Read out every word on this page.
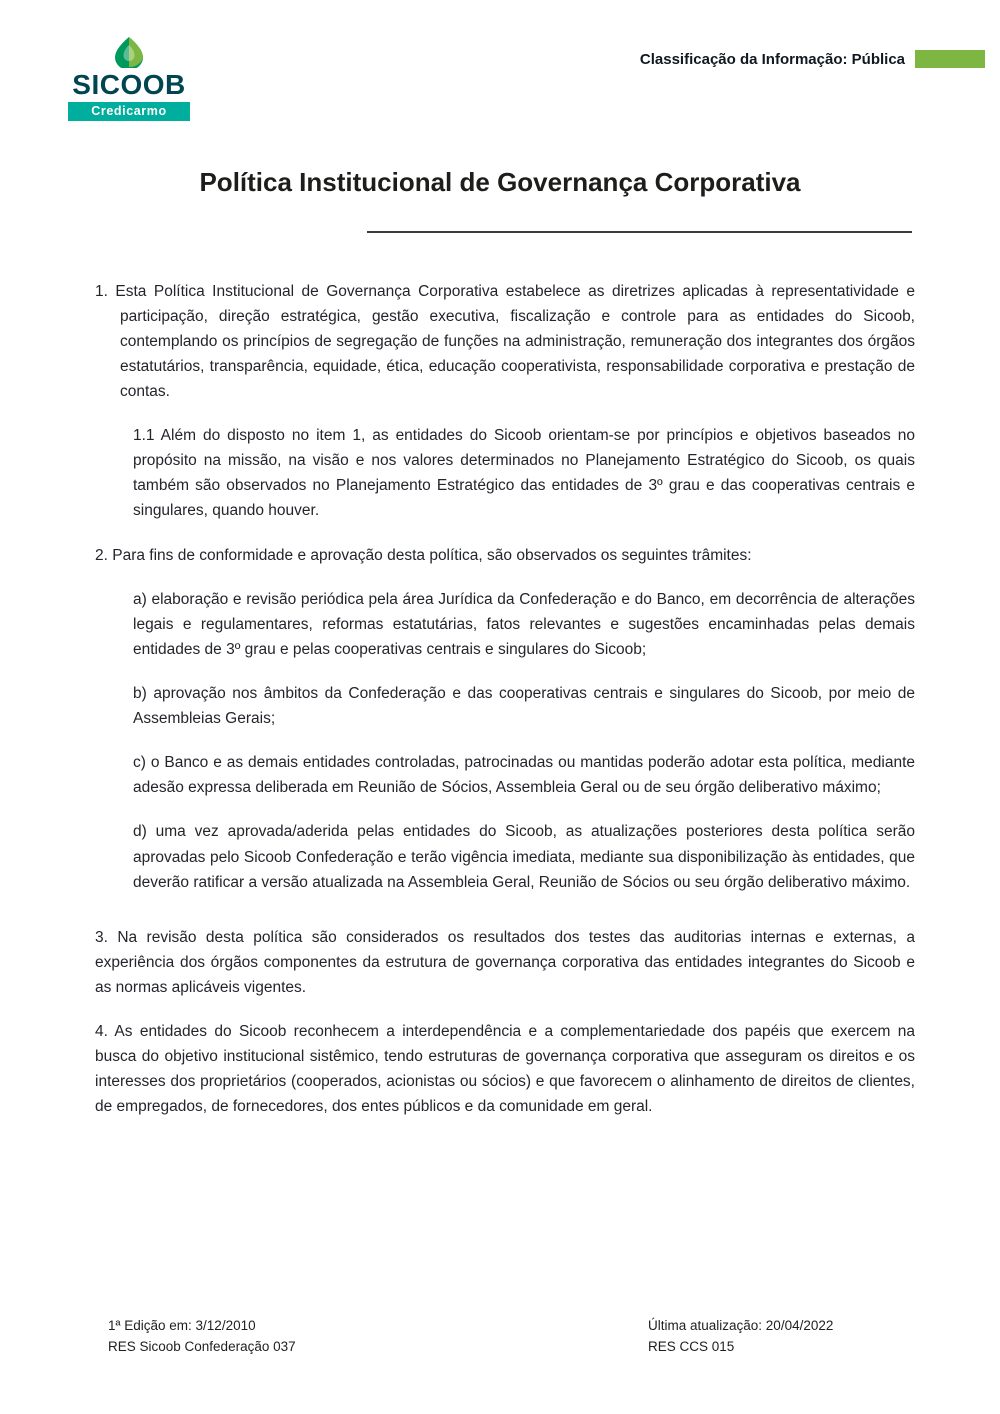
SICOOB
Credicarmo
Classificação da Informação: Pública
Política Institucional de Governança Corporativa

1. Esta Política Institucional de Governança Corporativa estabelece as diretrizes aplicadas à representatividade e participação, direção estratégica, gestão executiva, fiscalização e controle para as entidades do Sicoob, contemplando os princípios de segregação de funções na administração, remuneração dos integrantes dos órgãos estatutários, transparência, equidade, ética, educação cooperativista, responsabilidade corporativa e prestação de contas.

1.1 Além do disposto no item 1, as entidades do Sicoob orientam-se por princípios e objetivos baseados no propósito na missão, na visão e nos valores determinados no Planejamento Estratégico do Sicoob, os quais também são observados no Planejamento Estratégico das entidades de 3º grau e das cooperativas centrais e singulares, quando houver.

2. Para fins de conformidade e aprovação desta política, são observados os seguintes trâmites:

a) elaboração e revisão periódica pela área Jurídica da Confederação e do Banco, em decorrência de alterações legais e regulamentares, reformas estatutárias, fatos relevantes e sugestões encaminhadas pelas demais entidades de 3º grau e pelas cooperativas centrais e singulares do Sicoob;

b) aprovação nos âmbitos da Confederação e das cooperativas centrais e singulares do Sicoob, por meio de Assembleias Gerais;

c) o Banco e as demais entidades controladas, patrocinadas ou mantidas poderão adotar esta política, mediante adesão expressa deliberada em Reunião de Sócios, Assembleia Geral ou de seu órgão deliberativo máximo;

d) uma vez aprovada/aderida pelas entidades do Sicoob, as atualizações posteriores desta política serão aprovadas pelo Sicoob Confederação e terão vigência imediata, mediante sua disponibilização às entidades, que deverão ratificar a versão atualizada na Assembleia Geral, Reunião de Sócios ou seu órgão deliberativo máximo.

3. Na revisão desta política são considerados os resultados dos testes das auditorias internas e externas, a experiência dos órgãos componentes da estrutura de governança corporativa das entidades integrantes do Sicoob e as normas aplicáveis vigentes.

4. As entidades do Sicoob reconhecem a interdependência e a complementariedade dos papéis que exercem na busca do objetivo institucional sistêmico, tendo estruturas de governança corporativa que asseguram os direitos e os interesses dos proprietários (cooperados, acionistas ou sócios) e que favorecem o alinhamento de direitos de clientes, de empregados, de fornecedores, dos entes públicos e da comunidade em geral.

1ª Edição em: 3/12/2010
RES Sicoob Confederação 037
Última atualização: 20/04/2022
RES CCS 015
